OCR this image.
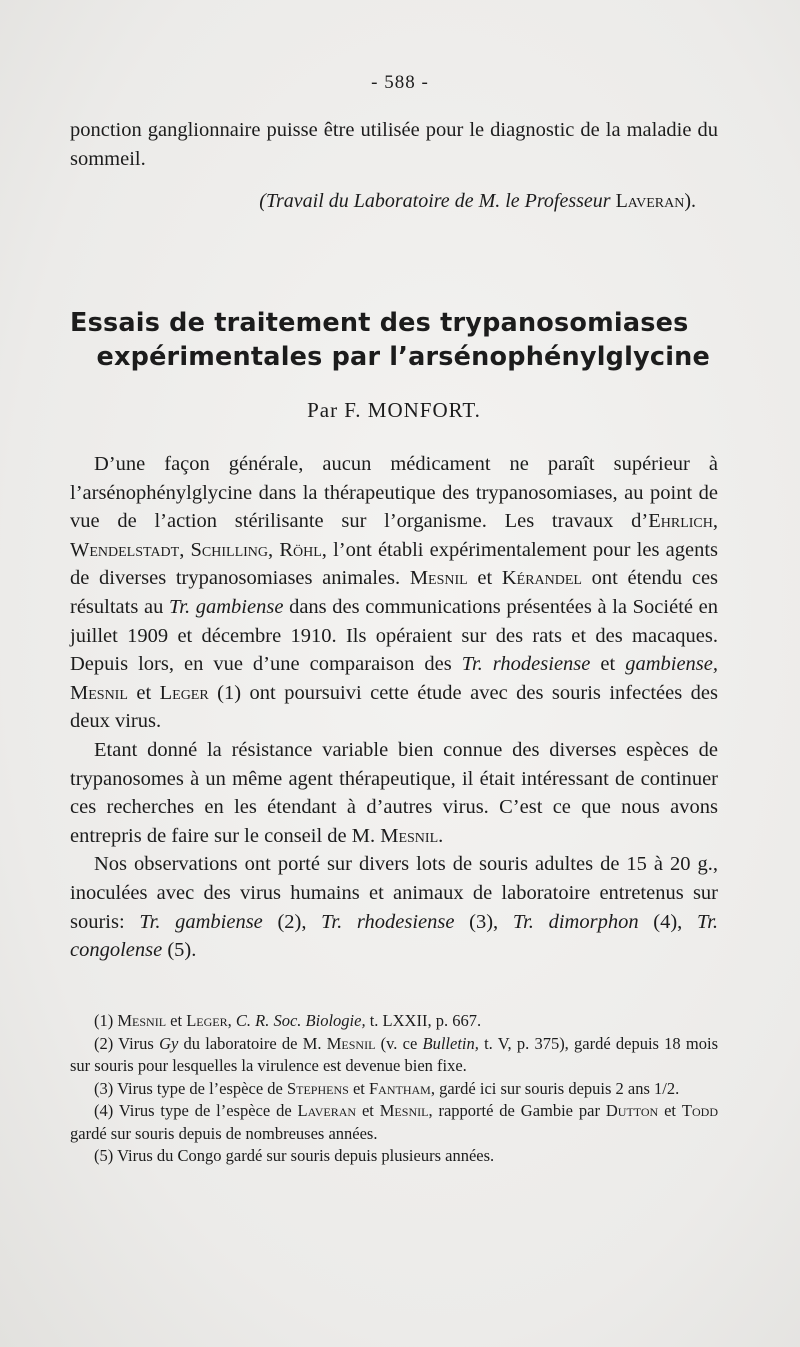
- 588 -

ponction ganglionnaire puisse être utilisée pour le diagnostic de la maladie du sommeil.

(Travail du Laboratoire de M. le Professeur Laveran).
Essais de traitement des trypanosomiases
expérimentales par l’arsénophénylglycine
Par F. MONFORT.

D’une façon générale, aucun médicament ne paraît supérieur à l’arsénophénylglycine dans la thérapeutique des trypanosomiases, au point de vue de l’action stérilisante sur l’organisme. Les travaux d’Ehrlich, Wendelstadt, Schilling, Röhl, l’ont établi expérimentalement pour les agents de diverses trypanosomiases animales. Mesnil et Kérandel ont étendu ces résultats au Tr. gambiense dans des communications présentées à la Société en juillet 1909 et décembre 1910. Ils opéraient sur des rats et des macaques. Depuis lors, en vue d’une comparaison des Tr. rhodesiense et gambiense, Mesnil et Leger (1) ont poursuivi cette étude avec des souris infectées des deux virus.

Etant donné la résistance variable bien connue des diverses espèces de trypanosomes à un même agent thérapeutique, il était intéressant de continuer ces recherches en les étendant à d’autres virus. C’est ce que nous avons entrepris de faire sur le conseil de M. Mesnil.

Nos observations ont porté sur divers lots de souris adultes de 15 à 20 g., inoculées avec des virus humains et animaux de laboratoire entretenus sur souris: Tr. gambiense (2), Tr. rhodesiense (3), Tr. dimorphon (4), Tr. congolense (5).

(1) Mesnil et Leger, C. R. Soc. Biologie, t. LXXII, p. 667.

(2) Virus Gy du laboratoire de M. Mesnil (v. ce Bulletin, t. V, p. 375), gardé depuis 18 mois sur souris pour lesquelles la virulence est devenue bien fixe.

(3) Virus type de l’espèce de Stephens et Fantham, gardé ici sur souris depuis 2 ans 1/2.

(4) Virus type de l’espèce de Laveran et Mesnil, rapporté de Gambie par Dutton et Todd gardé sur souris depuis de nombreuses années.

(5) Virus du Congo gardé sur souris depuis plusieurs années.
